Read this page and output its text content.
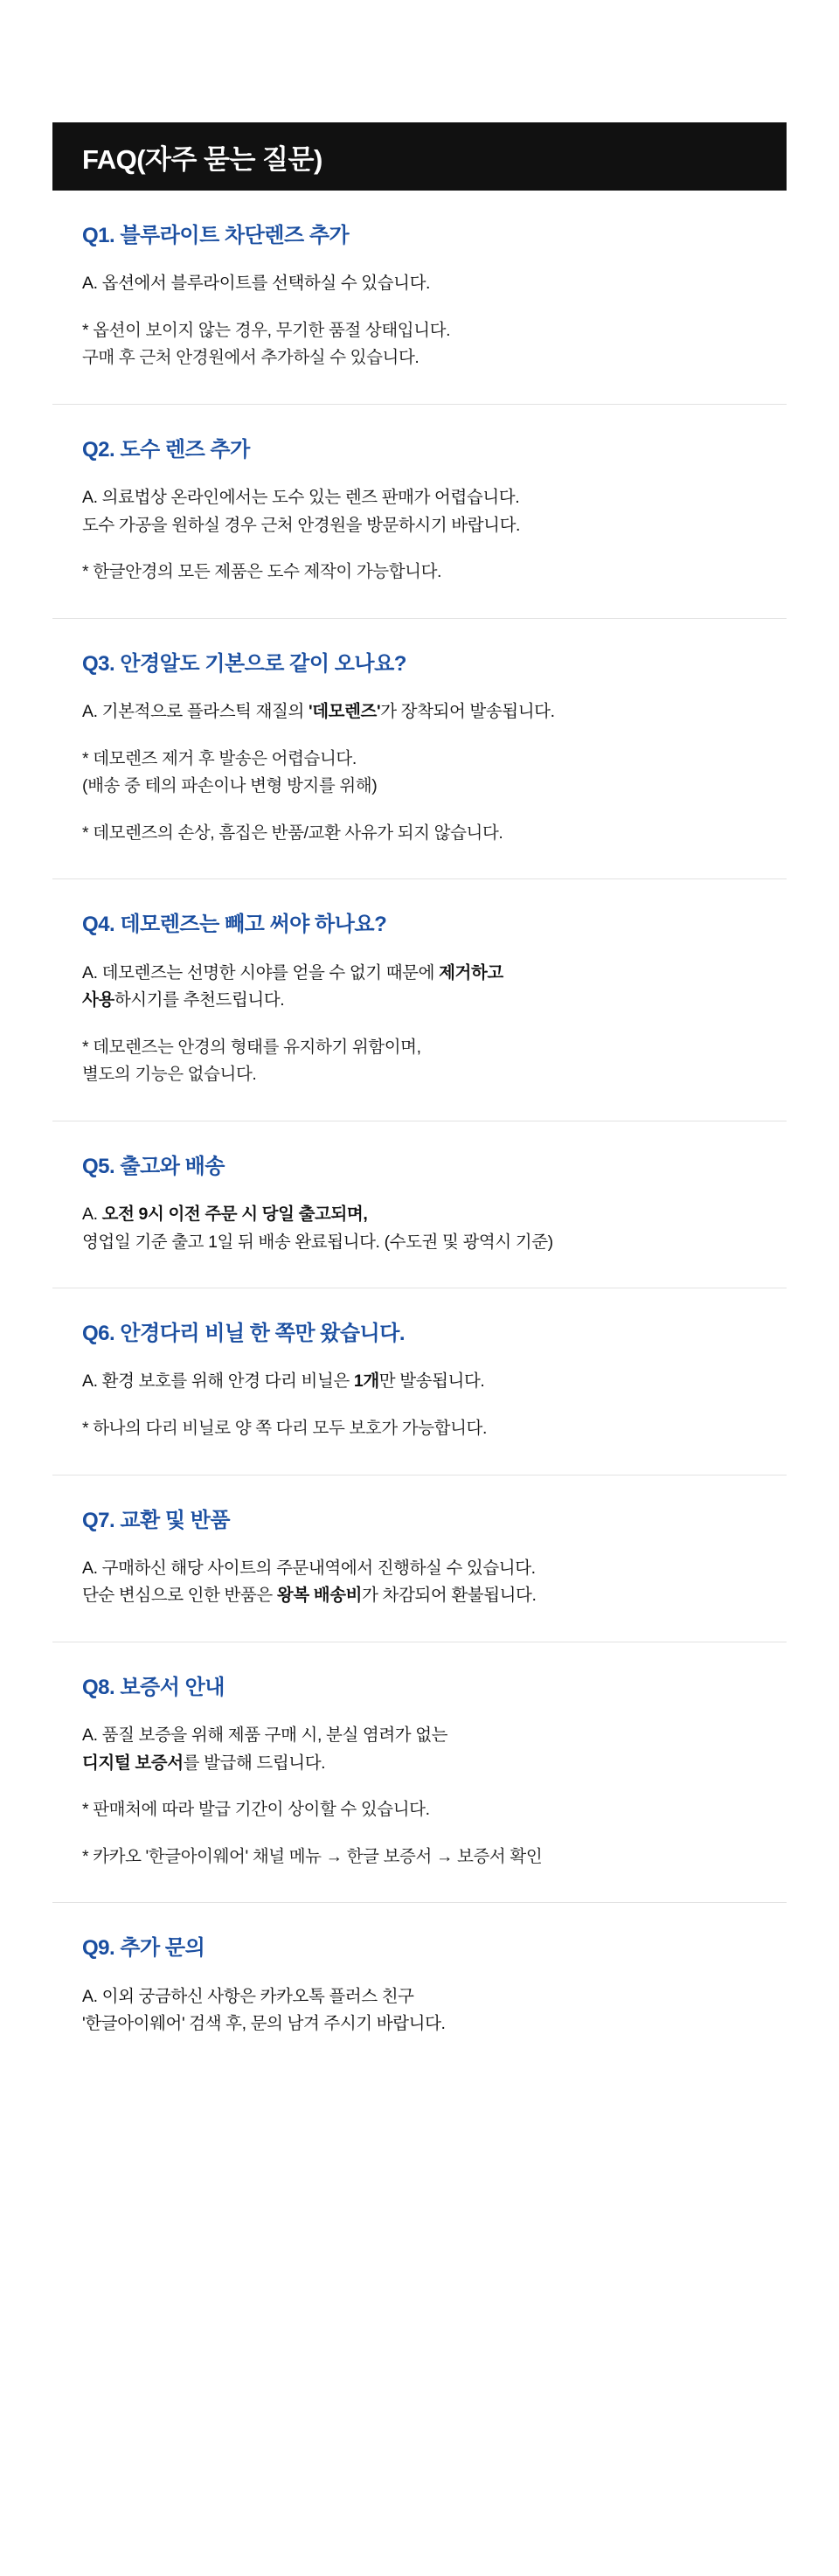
FAQ(자주 묻는 질문)
Q1. 블루라이트 차단렌즈 추가
A. 옵션에서 블루라이트를 선택하실 수 있습니다.
* 옵션이 보이지 않는 경우, 무기한 품절 상태입니다.
구매 후 근처 안경원에서 추가하실 수 있습니다.
Q2. 도수 렌즈 추가
A. 의료법상 온라인에서는 도수 있는 렌즈 판매가 어렵습니다.
도수 가공을 원하실 경우 근처 안경원을 방문하시기 바랍니다.
* 한글안경의 모든 제품은 도수 제작이 가능합니다.
Q3. 안경알도 기본으로 같이 오나요?
A. 기본적으로 플라스틱 재질의 '데모렌즈'가 장착되어 발송됩니다.
* 데모렌즈 제거 후 발송은 어렵습니다.
(배송 중 테의 파손이나 변형 방지를 위해)
* 데모렌즈의 손상, 흠집은 반품/교환 사유가 되지 않습니다.
Q4. 데모렌즈는 빼고 써야 하나요?
A. 데모렌즈는 선명한 시야를 얻을 수 없기 때문에 제거하고
사용하시기를 추천드립니다.
* 데모렌즈는 안경의 형태를 유지하기 위함이며,
별도의 기능은 없습니다.
Q5. 출고와 배송
A. 오전 9시 이전 주문 시 당일 출고되며,
영업일 기준 출고 1일 뒤 배송 완료됩니다. (수도권 및 광역시 기준)
Q6. 안경다리 비닐 한 쪽만 왔습니다.
A. 환경 보호를 위해 안경 다리 비닐은 1개만 발송됩니다.
* 하나의 다리 비닐로 양 쪽 다리 모두 보호가 가능합니다.
Q7. 교환 및 반품
A. 구매하신 해당 사이트의 주문내역에서 진행하실 수 있습니다.
단순 변심으로 인한 반품은 왕복 배송비가 차감되어 환불됩니다.
Q8. 보증서 안내
A. 품질 보증을 위해 제품 구매 시, 분실 염려가 없는
디지털 보증서를 발급해 드립니다.
* 판매처에 따라 발급 기간이 상이할 수 있습니다.
* 카카오 '한글아이웨어' 채널 메뉴 → 한글 보증서 → 보증서 확인
Q9. 추가 문의
A. 이외 궁금하신 사항은 카카오톡 플러스 친구
'한글아이웨어' 검색 후, 문의 남겨 주시기 바랍니다.
